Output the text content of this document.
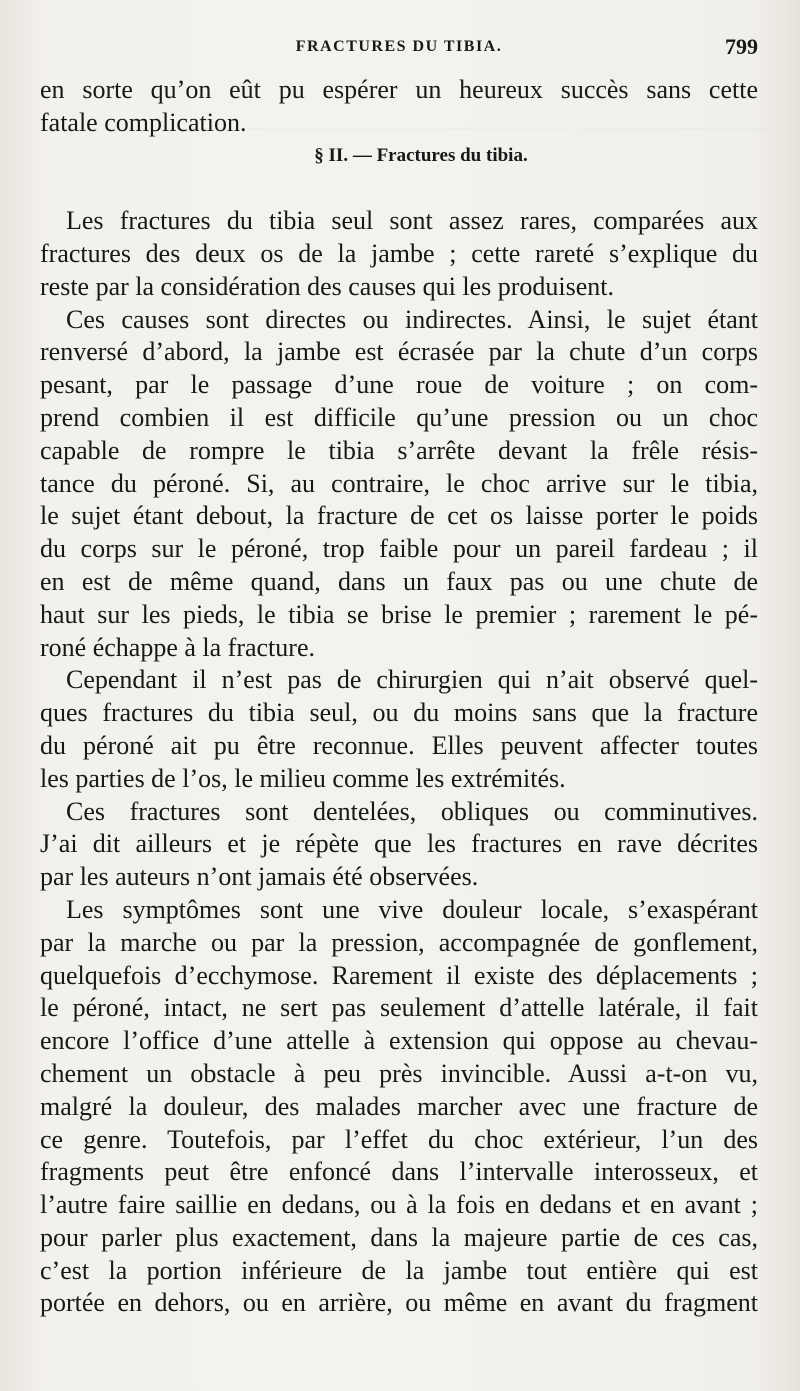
FRACTURES DU TIBIA.	799
en sorte qu’on eût pu espérer un heureux succès sans cette
fatale complication.
§ II. — Fractures du tibia.
Les fractures du tibia seul sont assez rares, comparées aux
fractures des deux os de la jambe ; cette rareté s’explique du
reste par la considération des causes qui les produisent.
Ces causes sont directes ou indirectes. Ainsi, le sujet étant
renversé d’abord, la jambe est écrasée par la chute d’un corps
pesant, par le passage d’une roue de voiture ; on com-
prend combien il est difficile qu’une pression ou un choc
capable de rompre le tibia s’arrête devant la frêle résis-
tance du péroné. Si, au contraire, le choc arrive sur le tibia,
le sujet étant debout, la fracture de cet os laisse porter le poids
du corps sur le péroné, trop faible pour un pareil fardeau ; il
en est de même quand, dans un faux pas ou une chute de
haut sur les pieds, le tibia se brise le premier ; rarement le pé-
roné échappe à la fracture.
Cependant il n’est pas de chirurgien qui n’ait observé quel-
ques fractures du tibia seul, ou du moins sans que la fracture
du péroné ait pu être reconnue. Elles peuvent affecter toutes
les parties de l’os, le milieu comme les extrémités.
Ces fractures sont dentelées, obliques ou comminutives.
J’ai dit ailleurs et je répète que les fractures en rave décrites
par les auteurs n’ont jamais été observées.
Les symptômes sont une vive douleur locale, s’exaspérant
par la marche ou par la pression, accompagnée de gonflement,
quelquefois d’ecchymose. Rarement il existe des déplacements ;
le péroné, intact, ne sert pas seulement d’attelle latérale, il fait
encore l’office d’une attelle à extension qui oppose au chevau-
chement un obstacle à peu près invincible. Aussi a-t-on vu,
malgré la douleur, des malades marcher avec une fracture de
ce genre. Toutefois, par l’effet du choc extérieur, l’un des
fragments peut être enfoncé dans l’intervalle interosseux, et
l’autre faire saillie en dedans, ou à la fois en dedans et en avant ;
pour parler plus exactement, dans la majeure partie de ces cas,
c’est la portion inférieure de la jambe tout entière qui est
portée en dehors, ou en arrière, ou même en avant du fragment
